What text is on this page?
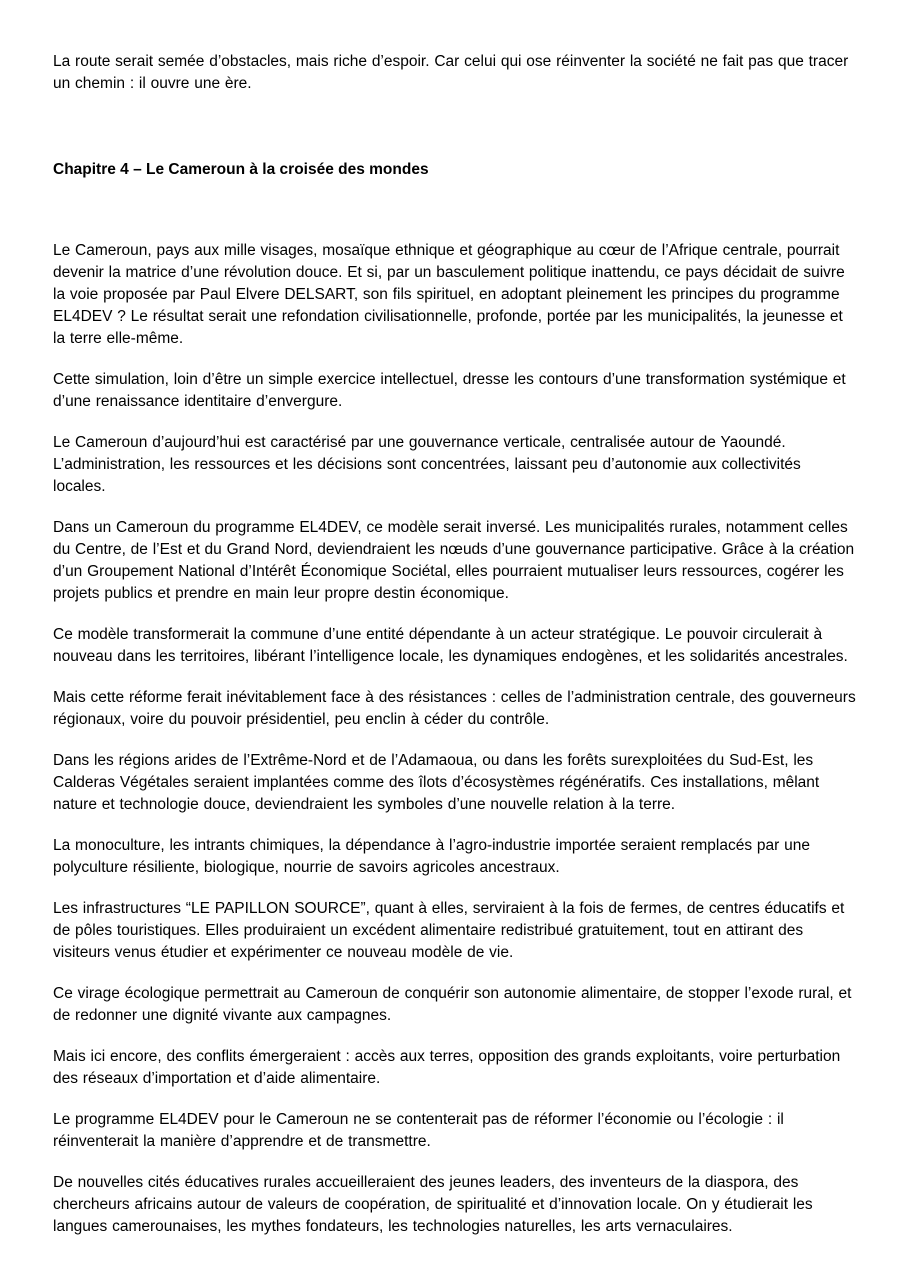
La route serait semée d’obstacles, mais riche d’espoir. Car celui qui ose réinventer la société ne fait pas que tracer un chemin : il ouvre une ère.

Chapitre 4 – Le Cameroun à la croisée des mondes

Le Cameroun, pays aux mille visages, mosaïque ethnique et géographique au cœur de l’Afrique centrale, pourrait devenir la matrice d’une révolution douce. Et si, par un basculement politique inattendu, ce pays décidait de suivre la voie proposée par Paul Elvere DELSART, son fils spirituel, en adoptant pleinement les principes du programme EL4DEV ? Le résultat serait une refondation civilisationnelle, profonde, portée par les municipalités, la jeunesse et la terre elle-même.

Cette simulation, loin d’être un simple exercice intellectuel, dresse les contours d’une transformation systémique et d’une renaissance identitaire d’envergure.

Le Cameroun d’aujourd’hui est caractérisé par une gouvernance verticale, centralisée autour de Yaoundé. L’administration, les ressources et les décisions sont concentrées, laissant peu d’autonomie aux collectivités locales.

Dans un Cameroun du programme EL4DEV, ce modèle serait inversé. Les municipalités rurales, notamment celles du Centre, de l’Est et du Grand Nord, deviendraient les nœuds d’une gouvernance participative. Grâce à la création d’un Groupement National d’Intérêt Économique Sociétal, elles pourraient mutualiser leurs ressources, cogérer les projets publics et prendre en main leur propre destin économique.

Ce modèle transformerait la commune d’une entité dépendante à un acteur stratégique. Le pouvoir circulerait à nouveau dans les territoires, libérant l’intelligence locale, les dynamiques endogènes, et les solidarités ancestrales.

Mais cette réforme ferait inévitablement face à des résistances : celles de l’administration centrale, des gouverneurs régionaux, voire du pouvoir présidentiel, peu enclin à céder du contrôle.

Dans les régions arides de l’Extrême-Nord et de l’Adamaoua, ou dans les forêts surexploitées du Sud-Est, les Calderas Végétales seraient implantées comme des îlots d’écosystèmes régénératifs. Ces installations, mêlant nature et technologie douce, deviendraient les symboles d’une nouvelle relation à la terre.

La monoculture, les intrants chimiques, la dépendance à l’agro-industrie importée seraient remplacés par une polyculture résiliente, biologique, nourrie de savoirs agricoles ancestraux.

Les infrastructures “LE PAPILLON SOURCE”, quant à elles, serviraient à la fois de fermes, de centres éducatifs et de pôles touristiques. Elles produiraient un excédent alimentaire redistribué gratuitement, tout en attirant des visiteurs venus étudier et expérimenter ce nouveau modèle de vie.

Ce virage écologique permettrait au Cameroun de conquérir son autonomie alimentaire, de stopper l’exode rural, et de redonner une dignité vivante aux campagnes.

Mais ici encore, des conflits émergeraient : accès aux terres, opposition des grands exploitants, voire perturbation des réseaux d’importation et d’aide alimentaire.

Le programme EL4DEV pour le Cameroun ne se contenterait pas de réformer l’économie ou l’écologie : il réinventerait la manière d’apprendre et de transmettre.

De nouvelles cités éducatives rurales accueilleraient des jeunes leaders, des inventeurs de la diaspora, des chercheurs africains autour de valeurs de coopération, de spiritualité et d’innovation locale. On y étudierait les langues camerounaises, les mythes fondateurs, les technologies naturelles, les arts vernaculaires.
